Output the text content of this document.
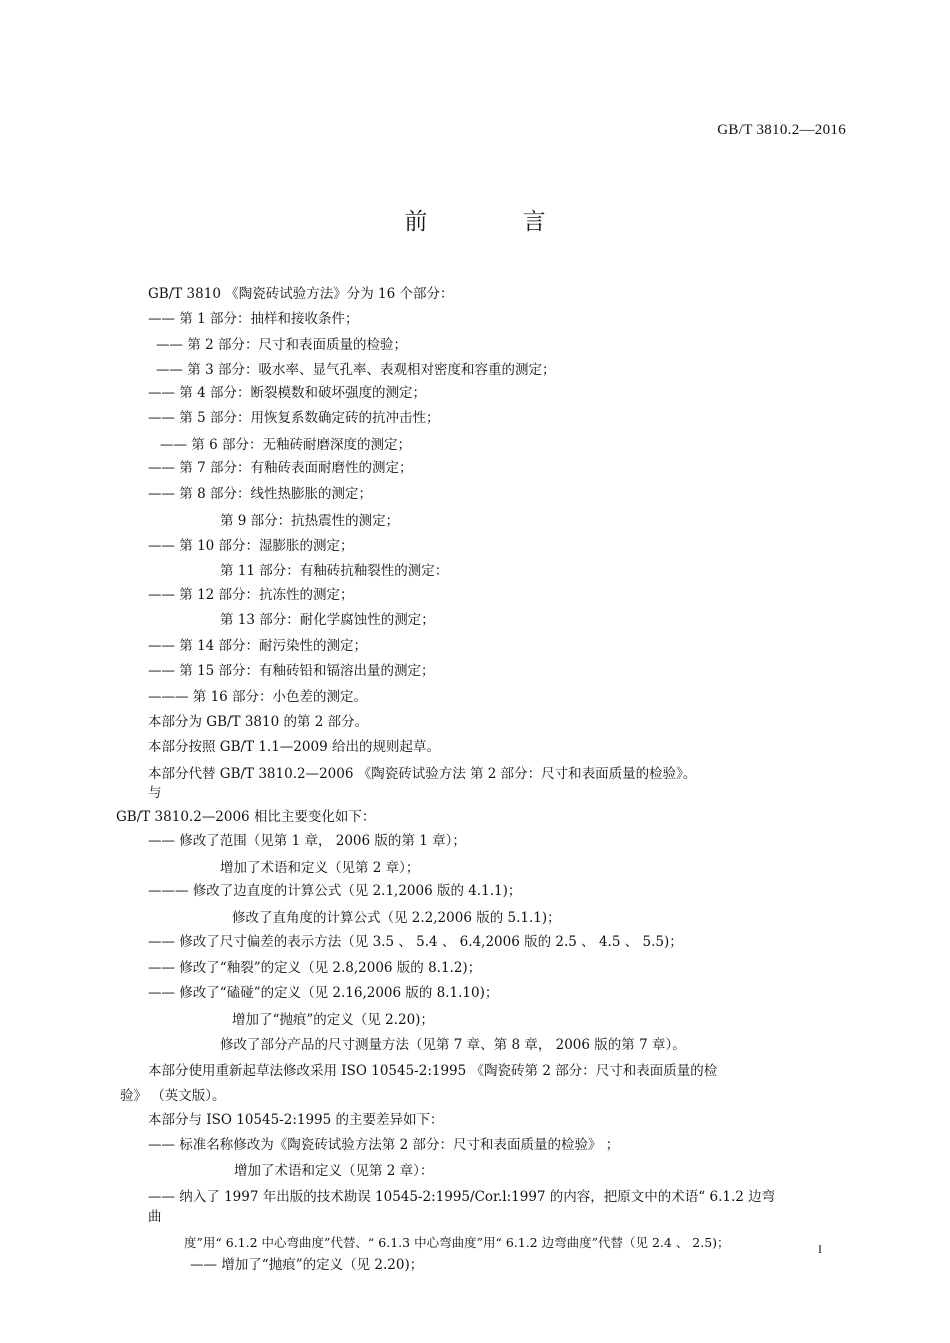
GB/T 3810.2—2016
前 言
GB/T 3810 《陶瓷砖试验方法》分为 16 个部分：
—— 第 1 部分：抽样和接收条件；
—— 第 2 部分：尺寸和表面质量的检验；
—— 第 3 部分：吸水率、显气孔率、表观相对密度和容重的测定；
—— 第 4 部分：断裂模数和破坏强度的测定；
—— 第 5 部分：用恢复系数确定砖的抗冲击性；
—— 第 6 部分：无釉砖耐磨深度的测定；
—— 第 7 部分：有釉砖表面耐磨性的测定；
—— 第 8 部分：线性热膨胀的测定；
第 9 部分：抗热震性的测定；
—— 第 10 部分：湿膨胀的测定；
第 11 部分：有釉砖抗釉裂性的测定：
—— 第 12 部分：抗冻性的测定；
第 13 部分：耐化学腐蚀性的测定；
—— 第 14 部分：耐污染性的测定；
—— 第 15 部分：有釉砖铅和镉溶出量的测定；
——— 第 16 部分：小色差的测定。
本部分为 GB/T 3810 的第 2 部分。
本部分按照 GB/T 1.1—2009 给出的规则起草。
本部分代替 GB/T 3810.2—2006 《陶瓷砖试验方法 第 2 部分：尺寸和表面质量的检验》。
与
GB/T 3810.2—2006 相比主要变化如下：
—— 修改了范围（见第 1 章， 2006 版的第 1 章）；
增加了术语和定义（见第 2 章）；
——— 修改了边直度的计算公式（见 2.1,2006 版的 4.1.1)；
修改了直角度的计算公式（见 2.2,2006 版的 5.1.1)；
—— 修改了尺寸偏差的表示方法（见 3.5 、 5.4 、 6.4,2006 版的 2.5 、 4.5 、 5.5)；
—— 修改了“釉裂”的定义（见 2.8,2006 版的 8.1.2)；
—— 修改了“磕碰”的定义（见 2.16,2006 版的 8.1.10)；
增加了“抛痕”的定义（见 2.20)；
修改了部分产品的尺寸测量方法（见第 7 章、第 8 章， 2006 版的第 7 章）。
本部分使用重新起草法修改采用 ISO 10545-2:1995 《陶瓷砖第 2 部分：尺寸和表面质量的检
验》 （英文版）。
本部分与 ISO 10545-2:1995 的主要差异如下：
—— 标准名称修改为《陶瓷砖试验方法第 2 部分：尺寸和表面质量的检验》 ；
增加了术语和定义（见第 2 章）：
—— 纳入了 1997 年出版的技术勘误 10545-2:1995/Cor.l:1997 的内容，把原文中的术语“ 6.1.2 边弯
曲
度”用“ 6.1.2 中心弯曲度”代替、“ 6.1.3 中心弯曲度”用“ 6.1.2 边弯曲度”代替（见 2.4 、 2.5)；
—— 增加了“抛痕”的定义（见 2.20)；
I
